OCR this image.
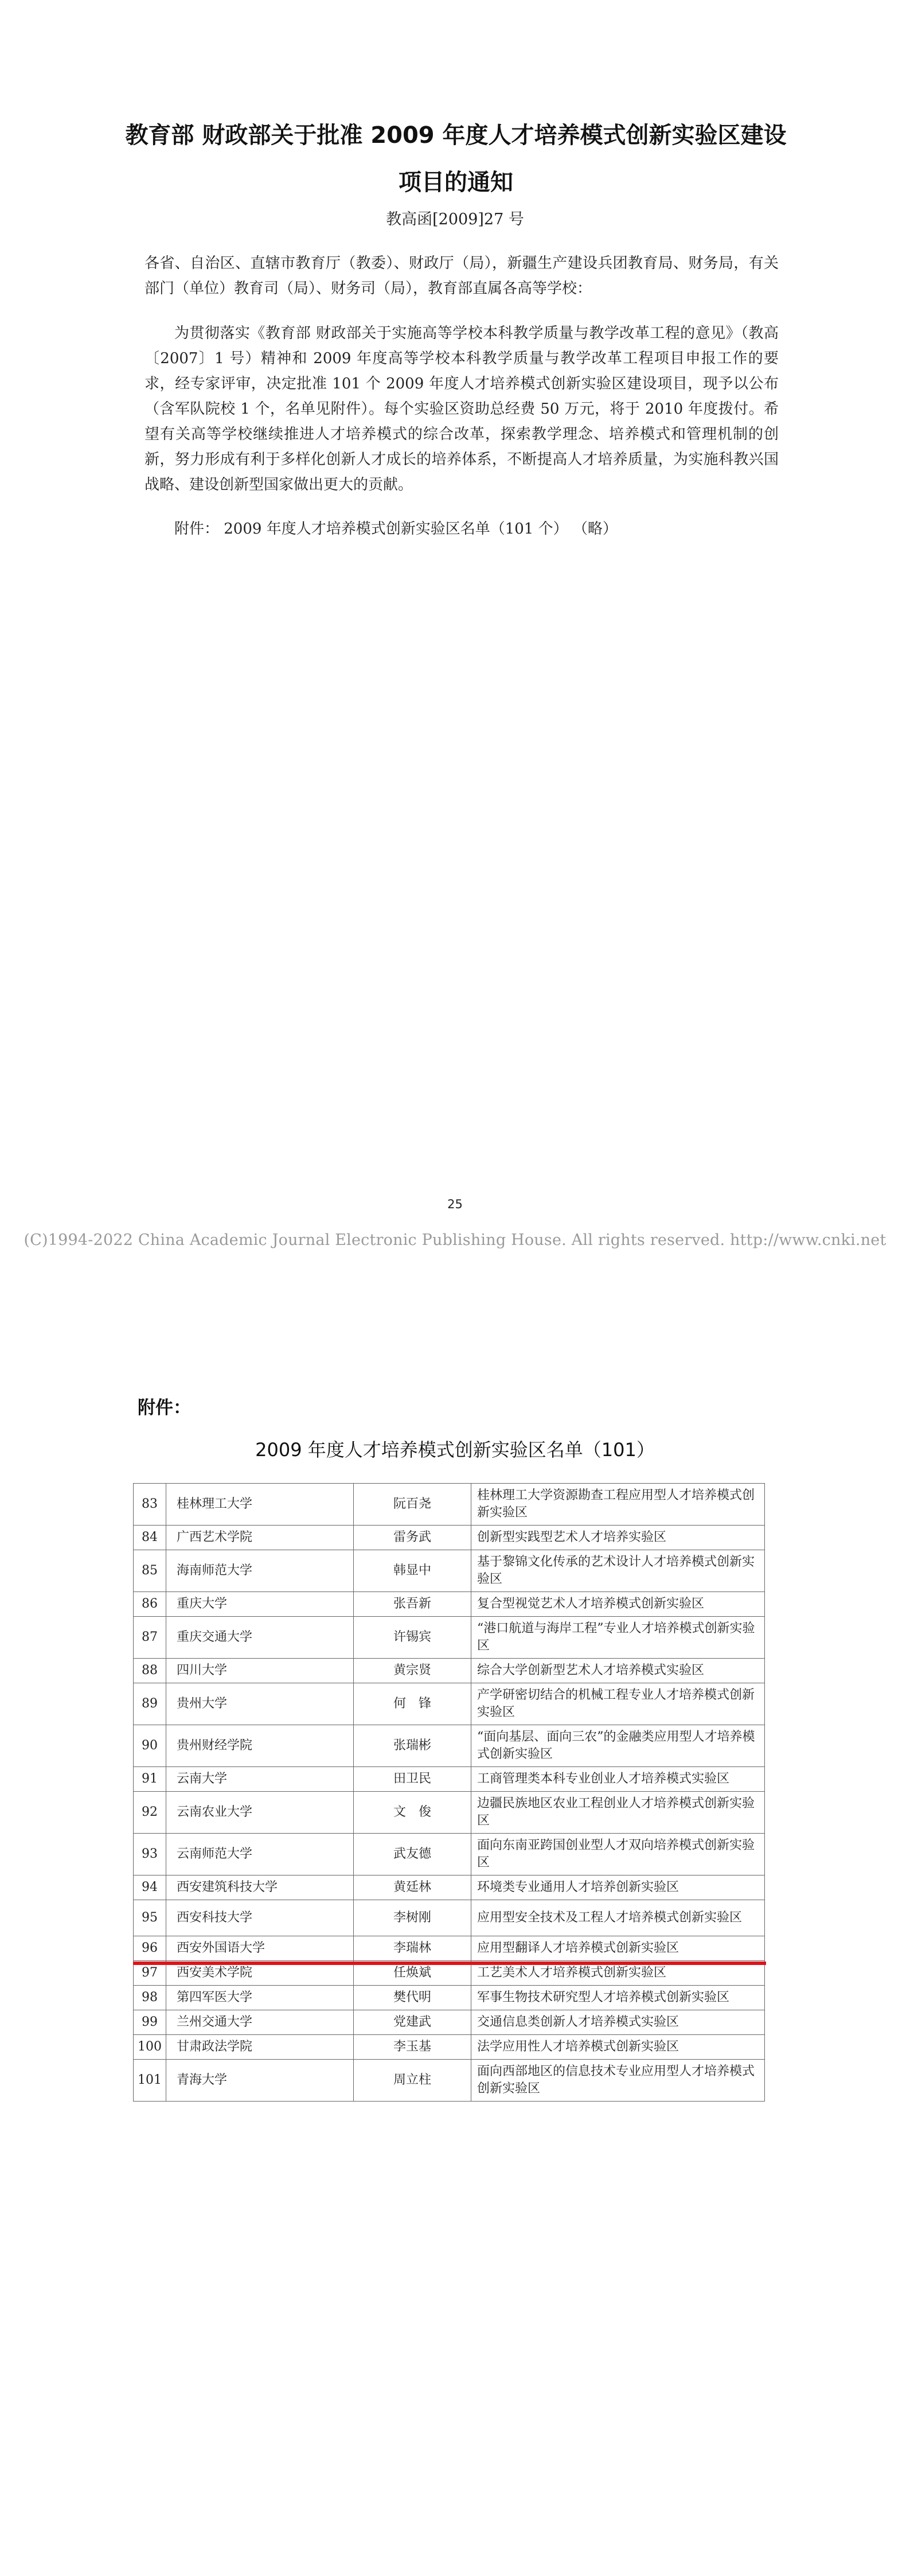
教育部 财政部关于批准 2009 年度人才培养模式创新实验区建设项目的通知
教高函[2009]27 号
各省、自治区、直辖市教育厅（教委）、财政厅（局），新疆生产建设兵团教育局、财务局，有关部门（单位）教育司（局）、财务司（局），教育部直属各高等学校：
为贯彻落实《教育部 财政部关于实施高等学校本科教学质量与教学改革工程的意见》（教高〔2007〕1 号）精神和 2009 年度高等学校本科教学质量与教学改革工程项目申报工作的要求，经专家评审，决定批准 101 个 2009 年度人才培养模式创新实验区建设项目，现予以公布（含军队院校 1 个，名单见附件）。每个实验区资助总经费 50 万元，将于 2010 年度拨付。希望有关高等学校继续推进人才培养模式的综合改革，探索教学理念、培养模式和管理机制的创新，努力形成有利于多样化创新人才成长的培养体系，不断提高人才培养质量，为实施科教兴国战略、建设创新型国家做出更大的贡献。
附件： 2009 年度人才培养模式创新实验区名单（101 个） （略）
25
(C)1994-2022 China Academic Journal Electronic Publishing House. All rights reserved. http://www.cnki.net
附件：
2009 年度人才培养模式创新实验区名单（101）
83	桂林理工大学	阮百尧	桂林理工大学资源勘查工程应用型人才培养模式创新实验区
84	广西艺术学院	雷务武	创新型实践型艺术人才培养实验区
85	海南师范大学	韩显中	基于黎锦文化传承的艺术设计人才培养模式创新实验区
86	重庆大学	张吾新	复合型视觉艺术人才培养模式创新实验区
87	重庆交通大学	许锡宾	“港口航道与海岸工程”专业人才培养模式创新实验区
88	四川大学	黄宗贤	综合大学创新型艺术人才培养模式实验区
89	贵州大学	何　锋	产学研密切结合的机械工程专业人才培养模式创新实验区
90	贵州财经学院	张瑞彬	“面向基层、面向三农”的金融类应用型人才培养模式创新实验区
91	云南大学	田卫民	工商管理类本科专业创业人才培养模式实验区
92	云南农业大学	文　俊	边疆民族地区农业工程创业人才培养模式创新实验区
93	云南师范大学	武友德	面向东南亚跨国创业型人才双向培养模式创新实验区
94	西安建筑科技大学	黄廷林	环境类专业通用人才培养创新实验区
95	西安科技大学	李树刚	应用型安全技术及工程人才培养模式创新实验区
96	西安外国语大学	李瑞林	应用型翻译人才培养模式创新实验区
97	西安美术学院	任焕斌	工艺美术人才培养模式创新实验区
98	第四军医大学	樊代明	军事生物技术研究型人才培养模式创新实验区
99	兰州交通大学	党建武	交通信息类创新人才培养模式实验区
100	甘肃政法学院	李玉基	法学应用性人才培养模式创新实验区
101	青海大学	周立柱	面向西部地区的信息技术专业应用型人才培养模式创新实验区
